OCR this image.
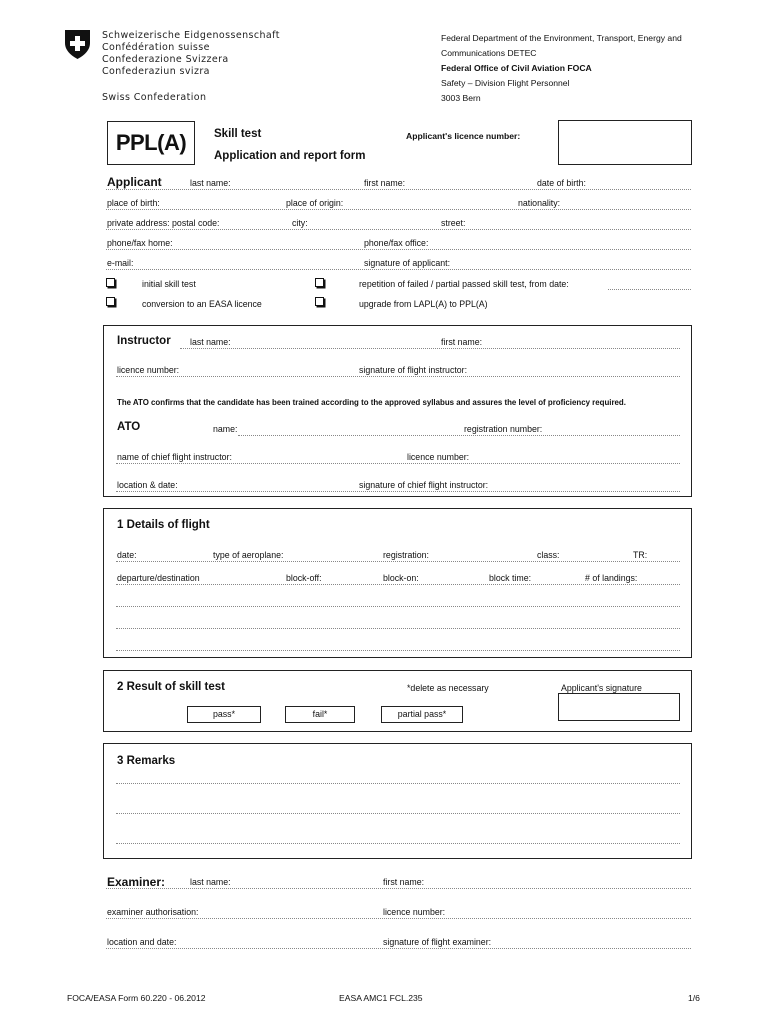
Schweizerische Eidgenossenschaft
Confédération suisse
Confederazione Svizzera
Confederaziun svizra
Swiss Confederation
Federal Department of the Environment, Transport, Energy and
Communications DETEC
Federal Office of Civil Aviation FOCA
Safety – Division Flight Personnel
3003 Bern
PPL(A)	Skill test
Application and report form
Applicant's licence number:
Applicant	last name:	first name:	date of birth:
place of birth:	place of origin:	nationality:
private address: postal code:	city:	street:
phone/fax home:	phone/fax office:
e-mail:	signature of applicant:
initial skill test	repetition of failed / partial passed skill test, from date:
conversion to an EASA licence	upgrade from LAPL(A) to PPL(A)
Instructor last name:	first name:
licence number:	signature of flight instructor:
The ATO confirms that the candidate has been trained according to the approved syllabus and assures the level of proficiency required.
ATO	name:	registration number:
name of chief flight instructor:	licence number:
location & date:	signature of chief flight instructor:
1 Details of flight
date:	type of aeroplane:	registration:	class:	TR:
departure/destination	block-off:	block-on:	block time:	# of landings:
2 Result of skill test	*delete as necessary	Applicant's signature
pass*	fail*	partial pass*
3 Remarks
Examiner:	last name:	first name:
examiner authorisation:	licence number:
location and date:	signature of flight examiner:
FOCA/EASA Form 60.220 - 06.2012	EASA AMC1 FCL.235	1/6
